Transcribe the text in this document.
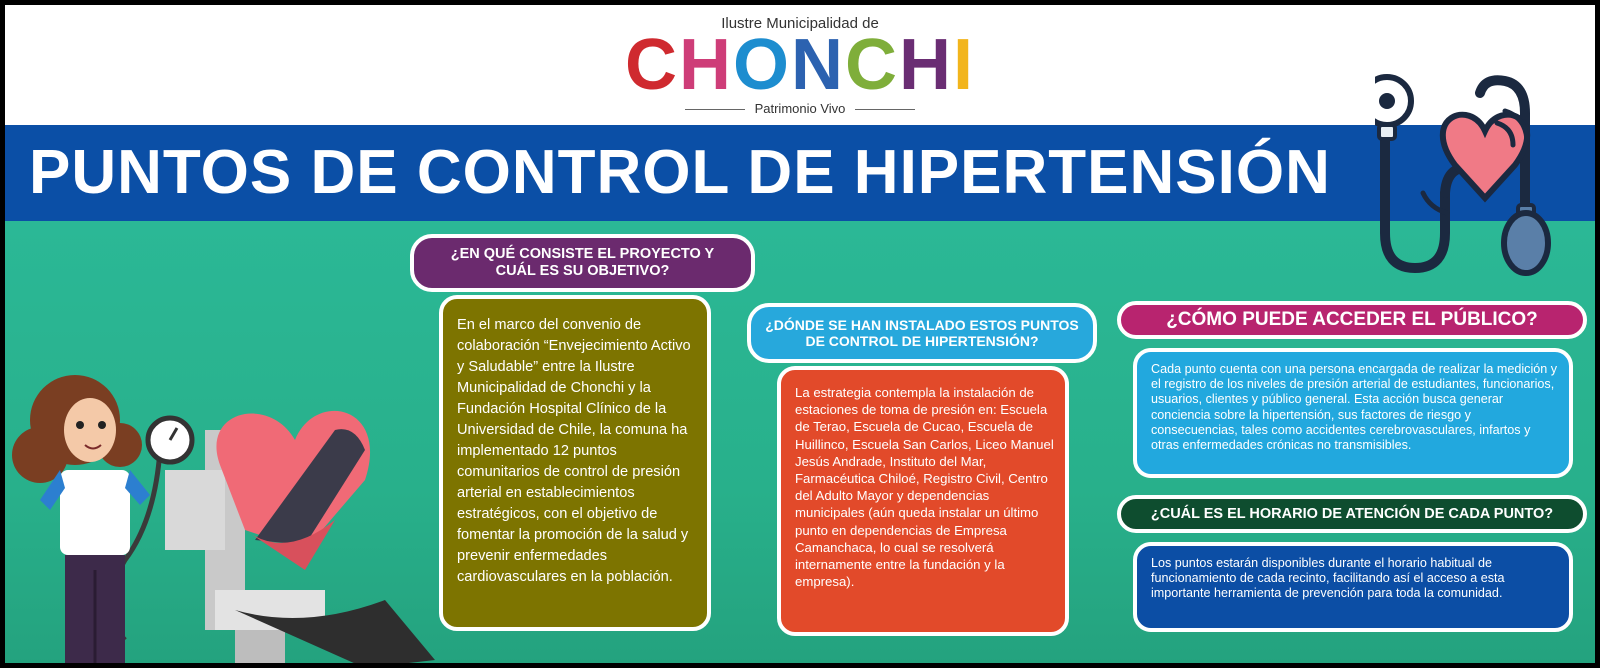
Ilustre Municipalidad de
CHONCHI
Patrimonio Vivo
PUNTOS DE CONTROL DE HIPERTENSIÓN
¿EN QUÉ CONSISTE EL PROYECTO Y CUÁL ES SU OBJETIVO?

En el marco del convenio de colaboración “Envejecimiento Activo y Saludable” entre la Ilustre Municipalidad de Chonchi y la Fundación Hospital Clínico de la Universidad de Chile, la comuna ha implementado 12 puntos comunitarios de control de presión arterial en establecimientos estratégicos, con el objetivo de fomentar la promoción de la salud y prevenir enfermedades cardiovasculares en la población.

¿DÓNDE SE HAN INSTALADO ESTOS PUNTOS DE CONTROL DE HIPERTENSIÓN?

La estrategia contempla la instalación de estaciones de toma de presión en: Escuela de Terao, Escuela de Cucao, Escuela de Huillinco, Escuela San Carlos, Liceo Manuel Jesús Andrade, Instituto del Mar, Farmacéutica Chiloé, Registro Civil, Centro del Adulto Mayor y dependencias municipales (aún queda instalar un último punto en dependencias de Empresa Camanchaca, lo cual se resolverá internamente entre la fundación y la empresa).

¿CÓMO PUEDE ACCEDER EL PÚBLICO?

Cada punto cuenta con una persona encargada de realizar la medición y el registro de los niveles de presión arterial de estudiantes, funcionarios, usuarios, clientes y público general. Esta acción busca generar conciencia sobre la hipertensión, sus factores de riesgo y consecuencias, tales como accidentes cerebrovasculares, infartos y otras enfermedades crónicas no transmisibles.

¿CUÁL ES EL HORARIO DE ATENCIÓN DE CADA PUNTO?

Los puntos estarán disponibles durante el horario habitual de funcionamiento de cada recinto, facilitando así el acceso a esta importante herramienta de prevención para toda la comunidad.
